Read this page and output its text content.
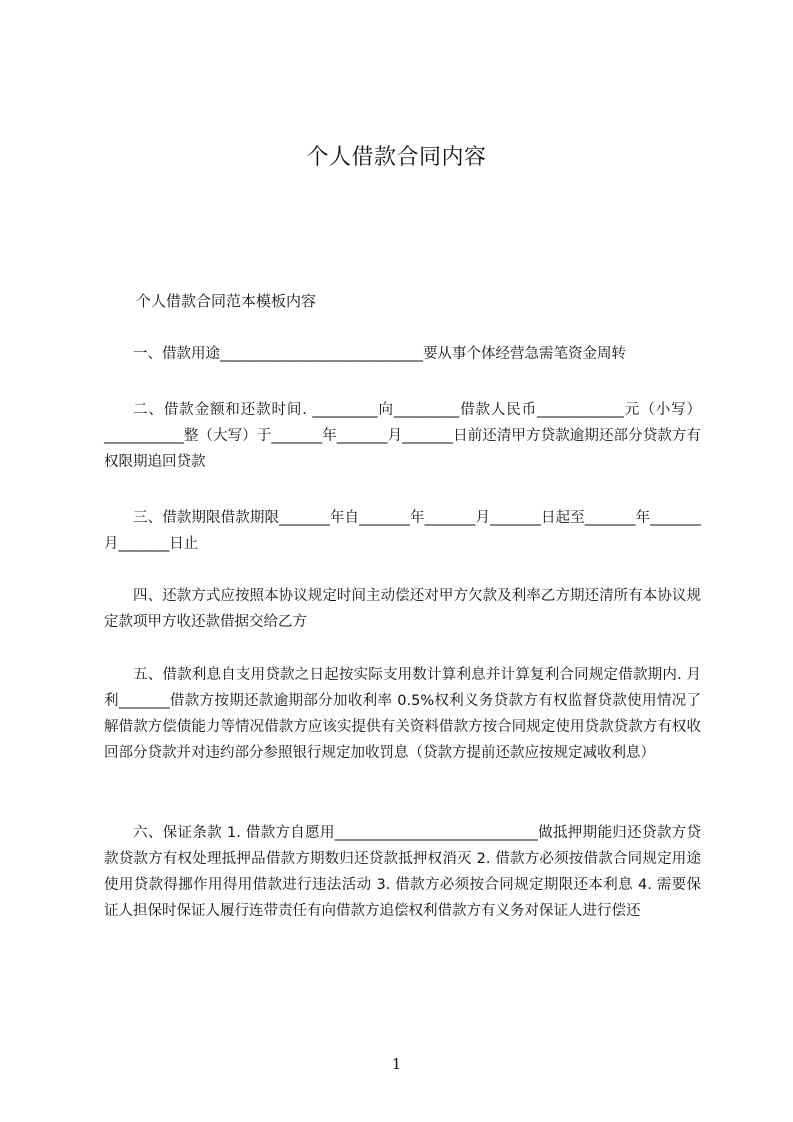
个人借款合同内容

个人借款合同范本模板内容

一、借款用途____________________________要从事个体经营急需笔资金周转

二、借款金额和还款时间. _________向_________借款人民币____________元（小写）___________整（大写）于_______年_______月_______日前还清甲方贷款逾期还部分贷款方有权限期追回贷款

三、借款期限借款期限_______年自_______年_______月_______日起至_______年_______月_______日止

四、还款方式应按照本协议规定时间主动偿还对甲方欠款及利率乙方期还清所有本协议规定款项甲方收还款借据交给乙方

五、借款利息自支用贷款之日起按实际支用数计算利息并计算复利合同规定借款期内. 月利_______借款方按期还款逾期部分加收利率 0.5%权利义务贷款方有权监督贷款使用情况了解借款方偿债能力等情况借款方应该实提供有关资料借款方按合同规定使用贷款贷款方有权收回部分贷款并对违约部分参照银行规定加收罚息（贷款方提前还款应按规定减收利息）

六、保证条款 1. 借款方自愿用____________________________做抵押期能归还贷款方贷款贷款方有权处理抵押品借款方期数归还贷款抵押权消灭 2. 借款方必须按借款合同规定用途使用贷款得挪作用得用借款进行违法活动 3. 借款方必须按合同规定期限还本利息 4. 需要保证人担保时保证人履行连带责任有向借款方追偿权利借款方有义务对保证人进行偿还

1
